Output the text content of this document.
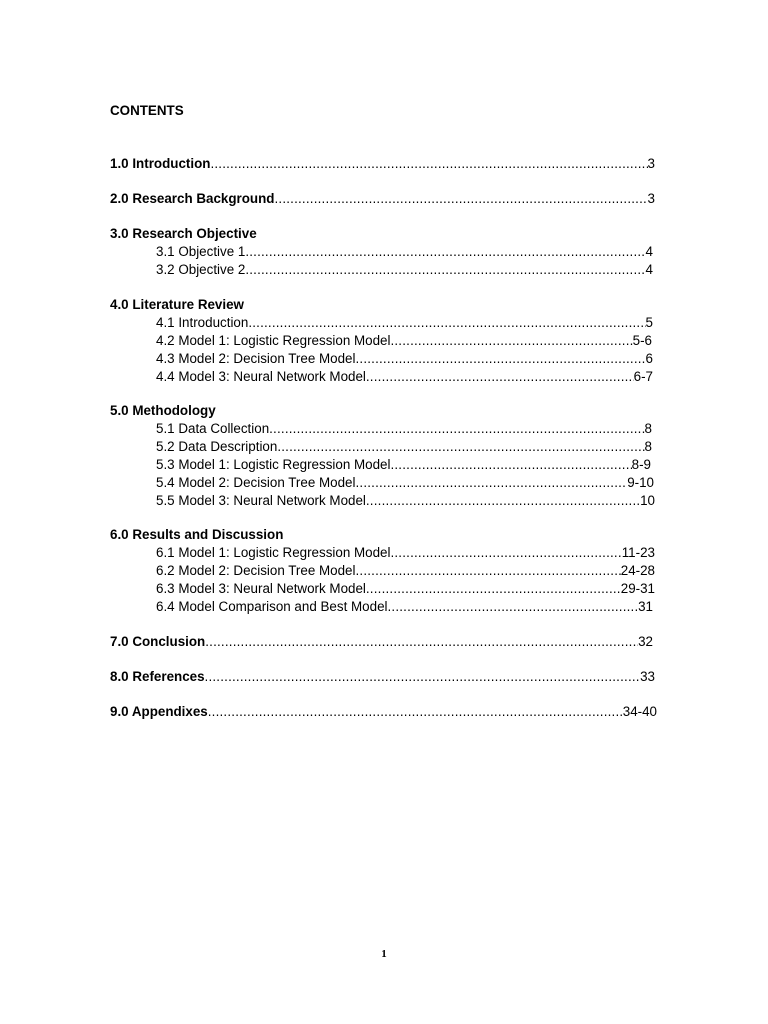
CONTENTS
1.0 Introduction .....	3
2.0 Research Background .....	3
3.0 Research Objective
3.1 Objective 1 .....	4
3.2 Objective 2 .....	4
4.0 Literature Review
4.1 Introduction .....	5
4.2 Model 1: Logistic Regression Model .....	5-6
4.3 Model 2: Decision Tree Model .....	6
4.4 Model 3: Neural Network Model .....	6-7
5.0 Methodology
5.1 Data Collection .....	8
5.2 Data Description .....	8
5.3 Model 1: Logistic Regression Model .....	8-9
5.4 Model 2: Decision Tree Model .....	9-10
5.5 Model 3: Neural Network Model .....	10
6.0 Results and Discussion
6.1 Model 1: Logistic Regression Model .....	11-23
6.2 Model 2: Decision Tree Model .....	24-28
6.3 Model 3: Neural Network Model .....	29-31
6.4 Model Comparison and Best Model .....	31
7.0 Conclusion .....	32
8.0 References .....	33
9.0 Appendixes .....	34-40
1
